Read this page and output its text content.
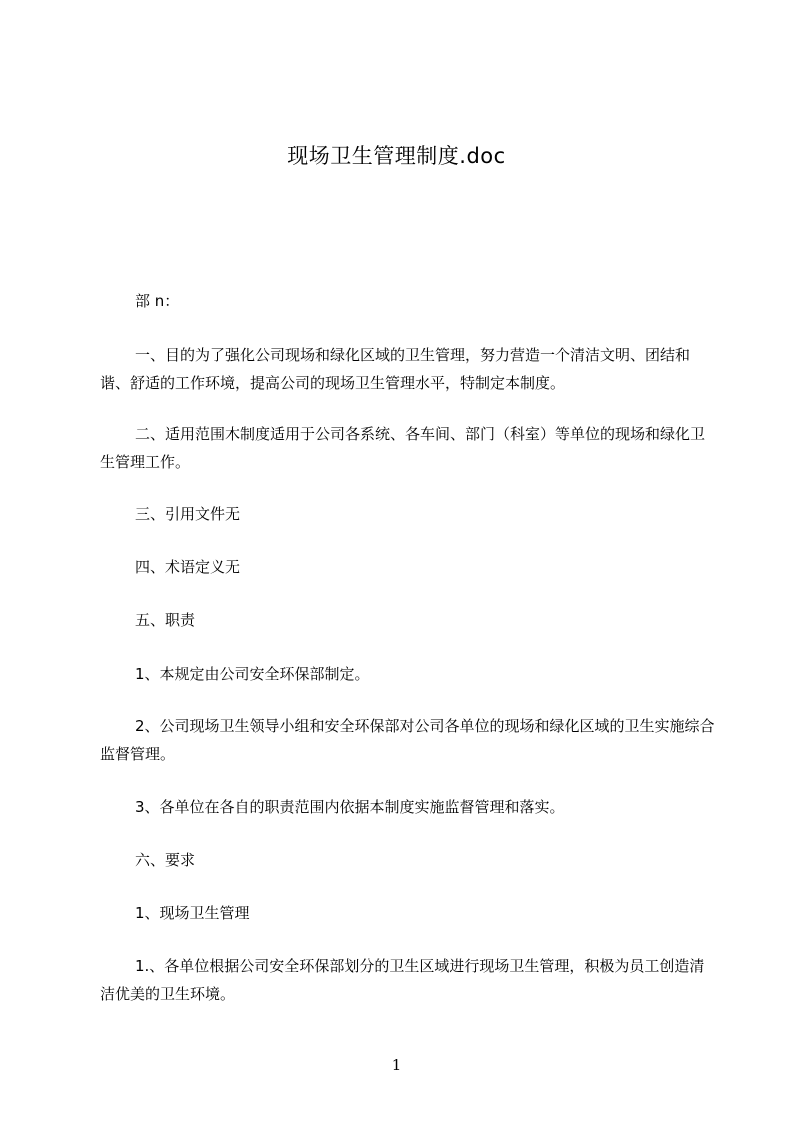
现场卫生管理制度.doc

部 n：

一、目的为了强化公司现场和绿化区域的卫生管理，努力营造一个清洁文明、团结和谐、舒适的工作环境，提高公司的现场卫生管理水平，特制定本制度。

二、适用范围木制度适用于公司各系统、各车间、部门（科室）等单位的现场和绿化卫生管理工作。

三、引用文件无

四、术语定义无

五、职责

1、本规定由公司安全环保部制定。

2、公司现场卫生领导小组和安全环保部对公司各单位的现场和绿化区域的卫生实施综合监督管理。

3、各单位在各自的职责范围内依据本制度实施监督管理和落实。

六、要求

1、现场卫生管理

1.、各单位根据公司安全环保部划分的卫生区域进行现场卫生管理，积极为员工创造清洁优美的卫生环境。

1
